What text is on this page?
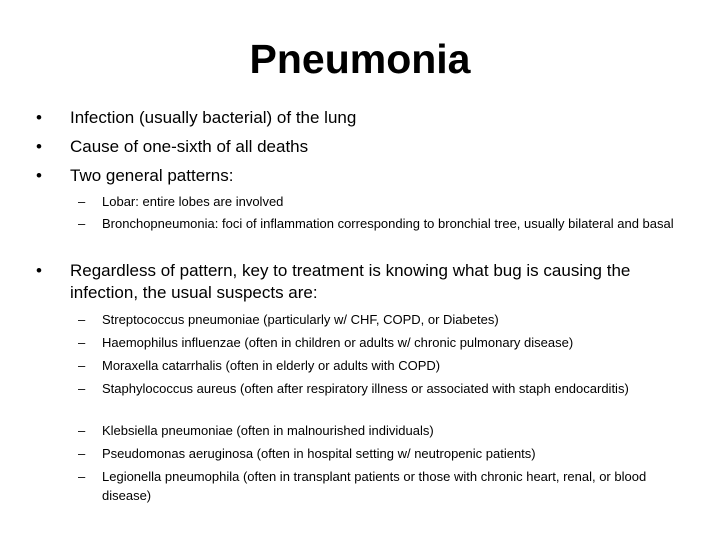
Pneumonia
•	Infection (usually bacterial) of the lung
•	Cause of one-sixth of all deaths
•	Two general patterns:
–	Lobar: entire lobes are involved
–	Bronchopneumonia: foci of inflammation corresponding to bronchial tree, usually bilateral and basal
•	Regardless of pattern, key to treatment is knowing what bug is causing the infection, the usual suspects are:
–	Streptococcus pneumoniae (particularly w/ CHF, COPD, or Diabetes)
–	Haemophilus influenzae (often in children or adults w/ chronic pulmonary disease)
–	Moraxella catarrhalis (often in elderly or adults with COPD)
–	Staphylococcus aureus (often after respiratory illness or associated with staph endocarditis)
–	Klebsiella pneumoniae (often in malnourished individuals)
–	Pseudomonas aeruginosa (often in hospital setting w/ neutropenic patients)
–	Legionella pneumophila (often in transplant patients or those with chronic heart, renal, or blood disease)
